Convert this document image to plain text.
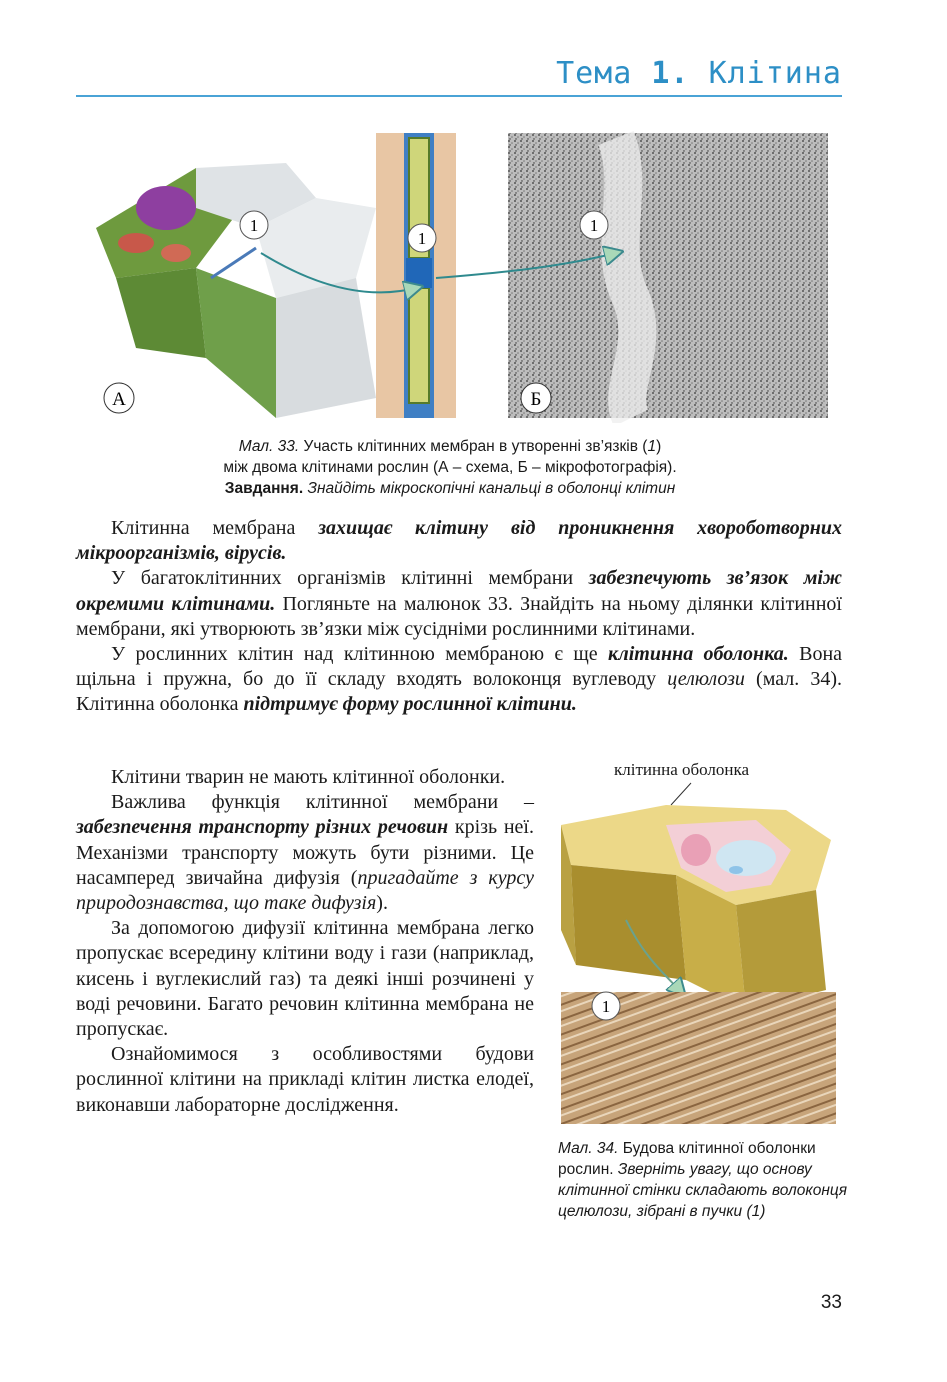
Тема 1. Клітина
1
1
1
А	Б
Мал. 33. Участь клітинних мембран в утворенні зв’язків (1)
між двома клітинами рослин (А – схема, Б – мікрофотографія).
Завдання. Знайдіть мікроскопічні канальці в оболонці клітин

Клітинна мембрана захищає клітину від проникнення хвороботворних мікроорганізмів, вірусів.

У багатоклітинних організмів клітинні мембрани забезпечують зв’язок між окремими клітинами. Погляньте на малюнок 33. Знайдіть на ньому ділянки клітинної мембрани, які утворюють зв’язки між сусідніми рослинними клітинами.

У рослинних клітин над клітинною мембраною є ще клітинна оболонка. Вона щільна і пружна, бо до її складу входять волоконця вуглеводу целюлози (мал. 34). Клітинна оболонка підтримує форму рослинної клітини.

Клітини тварин не мають клітинної оболонки.

Важлива функція клітинної мембрани – забезпечення транспорту різних речовин крізь неї. Механізми транспорту можуть бути різними. Це насамперед звичайна дифузія (пригадайте з курсу природознавства, що таке дифузія).

За допомогою дифузії клітинна мембрана легко пропускає всередину клітини воду і гази (наприклад, кисень і вуглекислий газ) та деякі інші розчинені у воді речовини. Багато речовин клітинна мембрана не пропускає.

Ознайомимося з особливостями будови рослинної клітини на прикладі клітин листка елодеї, виконавши лабораторне дослідження.

клітинна оболонка
1
Мал. 34. Будова клітинної оболонки рослин. Зверніть увагу, що основу клітинної стінки складають волоконця целюлози, зібрані в пучки (1)
33
